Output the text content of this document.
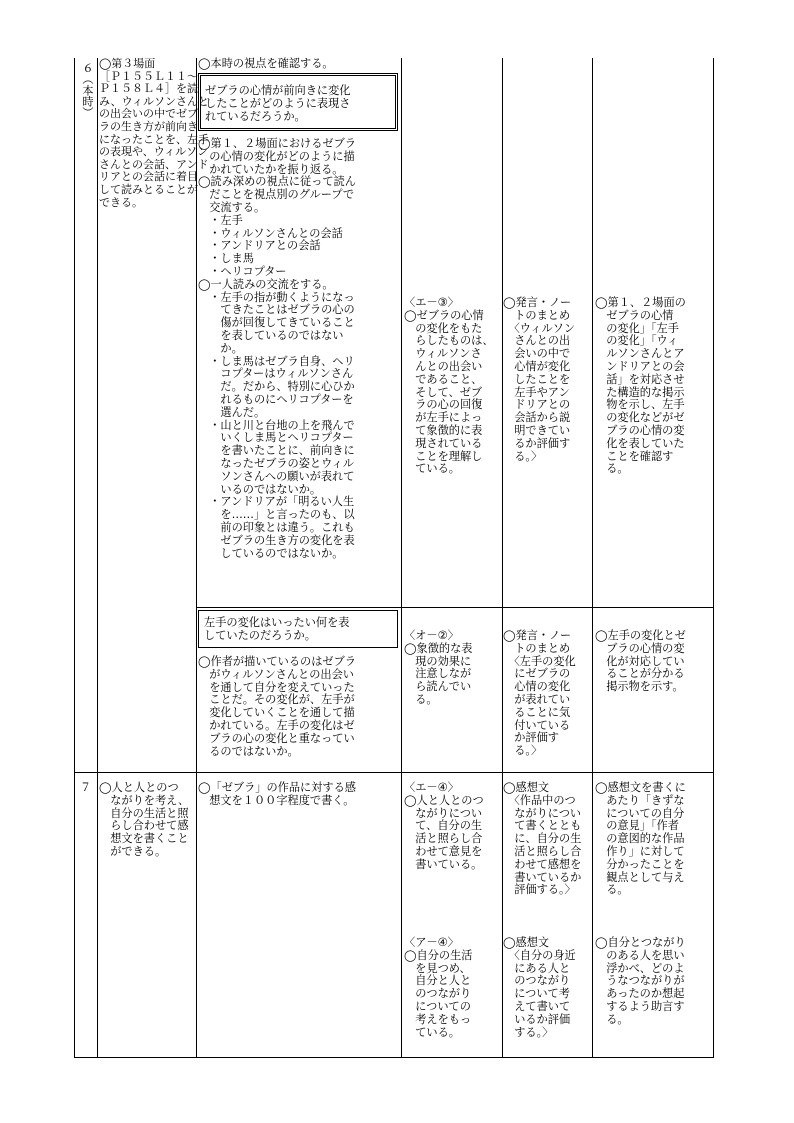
６（本時） ◯第３場面
［Ｐ１５５Ｌ１１～
Ｐ１５８Ｌ４］を読
み、ウィルソンさんと
の出会いの中でゼブ
ラの生き方が前向き
になったことを、左手
の表現や、ウィルソン
さんとの会話、アンド
リアとの会話に着目
して読みとることが
できる。
◯本時の視点を確認する。
ゼブラの心情が前向きに変化
したことがどのように表現さ
れているだろうか。
◯第１、２場面におけるゼブラ
　の心情の変化がどのように描
　かれていたかを振り返る。
◯読み深めの視点に従って読ん
　だことを視点別のグループで
　交流する。
　・左手
　・ウィルソンさんとの会話
　・アンドリアとの会話
　・しま馬
　・ヘリコプター
◯一人読みの交流をする。
　・左手の指が動くようになっ
　　てきたことはゼブラの心の
　　傷が回復してきていること
　　を表しているのではない
　　か。
　・しま馬はゼブラ自身、ヘリ
　　コプターはウィルソンさん
　　だ。だから、特別に心ひか
　　れるものにヘリコプターを
　　選んだ。
　・山と川と台地の上を飛んで
　　いくしま馬とヘリコプター
　　を書いたことに、前向きに
　　なったゼブラの姿とウィル
　　ソンさんへの願いが表れて
　　いるのではないか。
　・アンドリアが「明るい人生
　　を……」と言ったのも、以
　　前の印象とは違う。これも
　　ゼブラの生き方の変化を表
　　しているのではないか。
左手の変化はいったい何を表
していたのだろうか。
◯作者が描いているのはゼブラ
　がウィルソンさんとの出会い
　を通して自分を変えていった
　ことだ。その変化が、左手が
　変化していくことを通して描
　かれている。左手の変化はゼ
　ブラの心の変化と重なってい
　るのではないか。
〈エ－③〉
◯ゼブラの心情
　の変化をもた
　らしたものは、
　ウィルソンさ
　んとの出会い
　であること、
　そして、ゼブ
　ラの心の回復
　が左手によっ
　て象徴的に表
　現されている
　ことを理解し
　ている。
◯発言・ノー
　トのまとめ
　〈ウィルソン
　さんとの出
　会いの中で
　心情が変化
　したことを
　左手やアン
　ドリアとの
　会話から説
　明できてい
　るか評価す
　る。〉
◯第１、２場面の
　ゼブラの心情
　の変化」「左手
　の変化」「ウィ
　ルソンさんとア
　ンドリアとの会
　話」を対応させ
　た構造的な掲示
　物を示し、左手
　の変化などがゼ
　ブラの心情の変
　化を表していた
　ことを確認す
　る。
〈オ－②〉
◯象徴的な表
　現の効果に
　注意しなが
　ら読んでい
　る。
◯発言・ノー
　トのまとめ
　〈左手の変化
　にゼブラの
　心情の変化
　が表れてい
　ることに気
　付いている
　か評価す
　る。〉
◯左手の変化とゼ
　ブラの心情の変
　化が対応してい
　ることが分かる
　掲示物を示す。
７ ◯人と人とのつ
　ながりを考え、
　自分の生活と照
　らし合わせて感
　想文を書くこと
　ができる。
◯「ゼブラ」の作品に対する感
　想文を１００字程度で書く。
〈エ－④〉
◯人と人とのつ
　ながりについ
　て、自分の生
　活と照らし合
　わせて意見を
　書いている。
◯感想文
　〈作品中のつ
　ながりについ
　て書くととも
　に、自分の生
　活と照らし合
　わせて感想を
　書いているか
　評価する。〉
◯感想文を書くに
　あたり「きずな
　についての自分
　の意見」「作者
　の意図的な作品
　作り」に対して
　分かったことを
　観点として与え
　る。
〈ア－④〉
◯自分の生活
　を見つめ、
　自分と人と
　のつながり
　についての
　考えをもっ
　ている。
◯感想文
　〈自分の身近
　にある人と
　のつながり
　について考
　えて書いて
　いるか評価
　する。〉
◯自分とつながり
　のある人を思い
　浮かべ、どのよ
　うなつながりが
　あったのか想起
　するよう助言す
　る。
